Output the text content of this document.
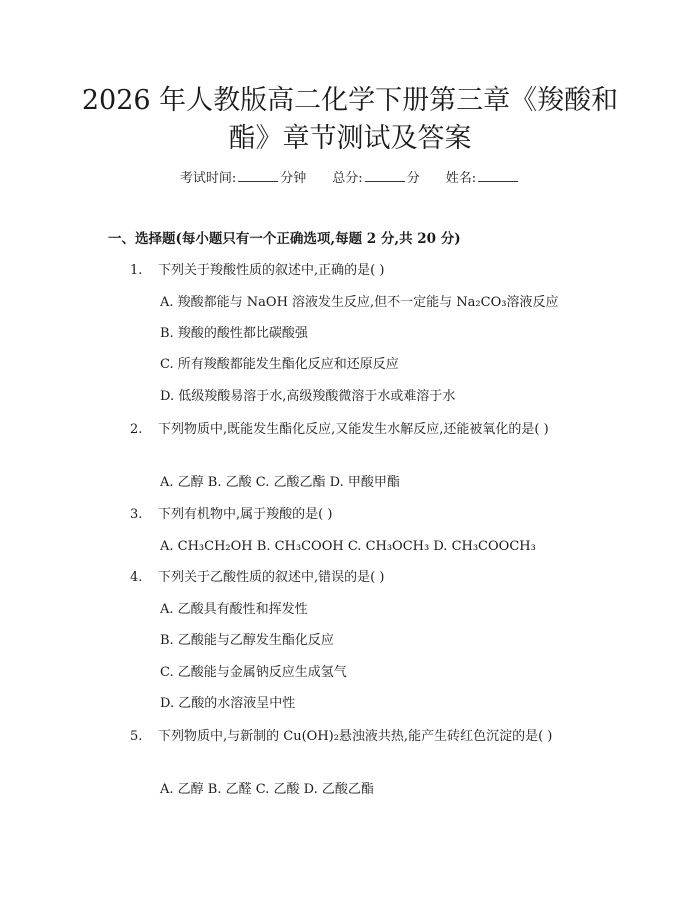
2026 年人教版高二化学下册第三章《羧酸和酯》章节测试及答案
考试时间:	分钟 总分:	分 姓名:
一、选择题(每小题只有一个正确选项,每题 2 分,共 20 分)
1. 下列关于羧酸性质的叙述中,正确的是( )
A. 羧酸都能与 NaOH 溶液发生反应,但不一定能与 Na₂CO₃溶液反应
B. 羧酸的酸性都比碳酸强
C. 所有羧酸都能发生酯化反应和还原反应
D. 低级羧酸易溶于水,高级羧酸微溶于水或难溶于水
2. 下列物质中,既能发生酯化反应,又能发生水解反应,还能被氧化的是( )
A. 乙醇 B. 乙酸 C. 乙酸乙酯 D. 甲酸甲酯
3. 下列有机物中,属于羧酸的是( )
A. CH₃CH₂OH B. CH₃COOH C. CH₃OCH₃ D. CH₃COOCH₃
4. 下列关于乙酸性质的叙述中,错误的是( )
A. 乙酸具有酸性和挥发性
B. 乙酸能与乙醇发生酯化反应
C. 乙酸能与金属钠反应生成氢气
D. 乙酸的水溶液呈中性
5. 下列物质中,与新制的 Cu(OH)₂悬浊液共热,能产生砖红色沉淀的是( )
A. 乙醇 B. 乙醛 C. 乙酸 D. 乙酸乙酯
